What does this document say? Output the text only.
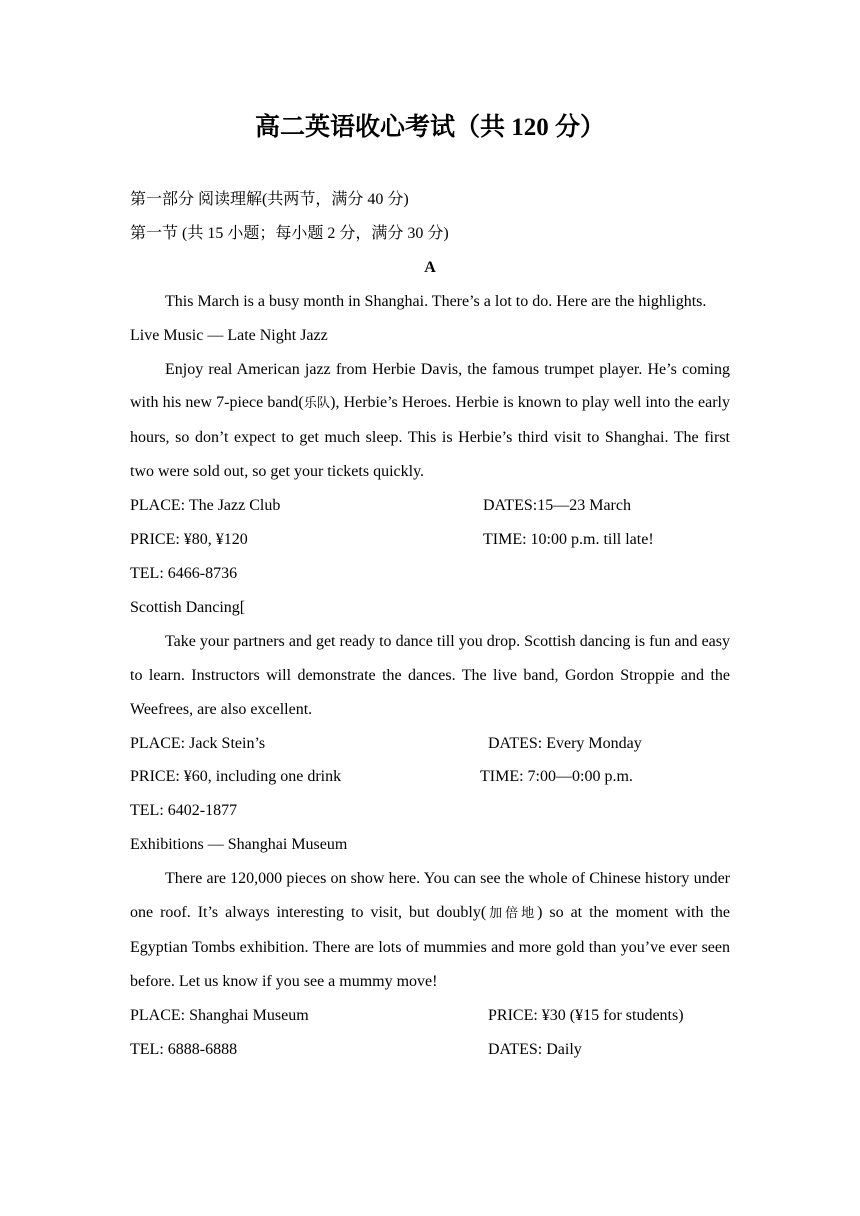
高二英语收心考试（共 120 分）

第一部分 阅读理解(共两节，满分 40 分)

第一节 (共 15 小题；每小题 2 分，满分 30 分)

A

This March is a busy month in Shanghai. There’s a lot to do. Here are the highlights.

Live Music — Late Night Jazz

Enjoy real American jazz from Herbie Davis, the famous trumpet player. He’s coming with his new 7-piece band(乐队), Herbie’s Heroes. Herbie is known to play well into the early hours, so don’t expect to get much sleep. This is Herbie’s third visit to Shanghai. The first two were sold out, so get your tickets quickly.

PLACE: The Jazz Club	DATES:15—23 March
PRICE: ¥80, ¥120	TIME: 10:00 p.m. till late!
TEL: 6466-8736

Scottish Dancing[

Take your partners and get ready to dance till you drop. Scottish dancing is fun and easy to learn. Instructors will demonstrate the dances. The live band, Gordon Stroppie and the Weefrees, are also excellent.

PLACE: Jack Stein’s	DATES: Every Monday
PRICE: ¥60, including one drink	TIME: 7:00—0:00 p.m.
TEL: 6402-1877

Exhibitions — Shanghai Museum

There are 120,000 pieces on show here. You can see the whole of Chinese history under one roof. It’s always interesting to visit, but doubly(加倍地) so at the moment with the Egyptian Tombs exhibition. There are lots of mummies and more gold than you’ve ever seen before. Let us know if you see a mummy move!

PLACE: Shanghai Museum	PRICE: ¥30 (¥15 for students)
TEL: 6888-6888	DATES: Daily
